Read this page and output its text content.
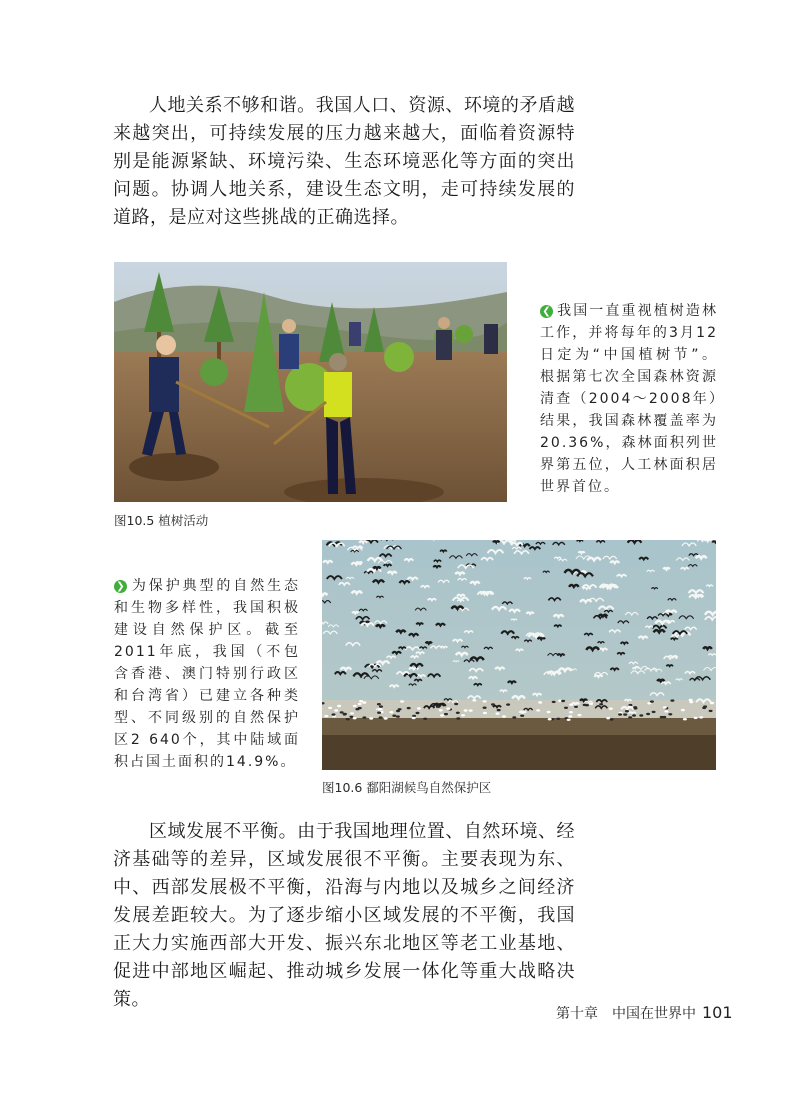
人地关系不够和谐。我国人口、资源、环境的矛盾越来越突出，可持续发展的压力越来越大，面临着资源特别是能源紧缺、环境污染、生态环境恶化等方面的突出问题。协调人地关系，建设生态文明，走可持续发展的道路，是应对这些挑战的正确选择。

❮ 我国一直重视植树造林工作，并将每年的3月12日定为“中国植树节”。根据第七次全国森林资源清查（2004～2008年）结果，我国森林覆盖率为20.36%，森林面积列世界第五位，人工林面积居世界首位。

图10.5 植树活动

❯ 为保护典型的自然生态和生物多样性，我国积极建设自然保护区。截至2011年底，我国（不包含香港、澳门特别行政区和台湾省）已建立各种类型、不同级别的自然保护区2 640个，其中陆域面积占国土面积的14.9%。

图10.6 鄱阳湖候鸟自然保护区

区域发展不平衡。由于我国地理位置、自然环境、经济基础等的差异，区域发展很不平衡。主要表现为东、中、西部发展极不平衡，沿海与内地以及城乡之间经济发展差距较大。为了逐步缩小区域发展的不平衡，我国正大力实施西部大开发、振兴东北地区等老工业基地、促进中部地区崛起、推动城乡发展一体化等重大战略决策。

第十章　中国在世界中 101
